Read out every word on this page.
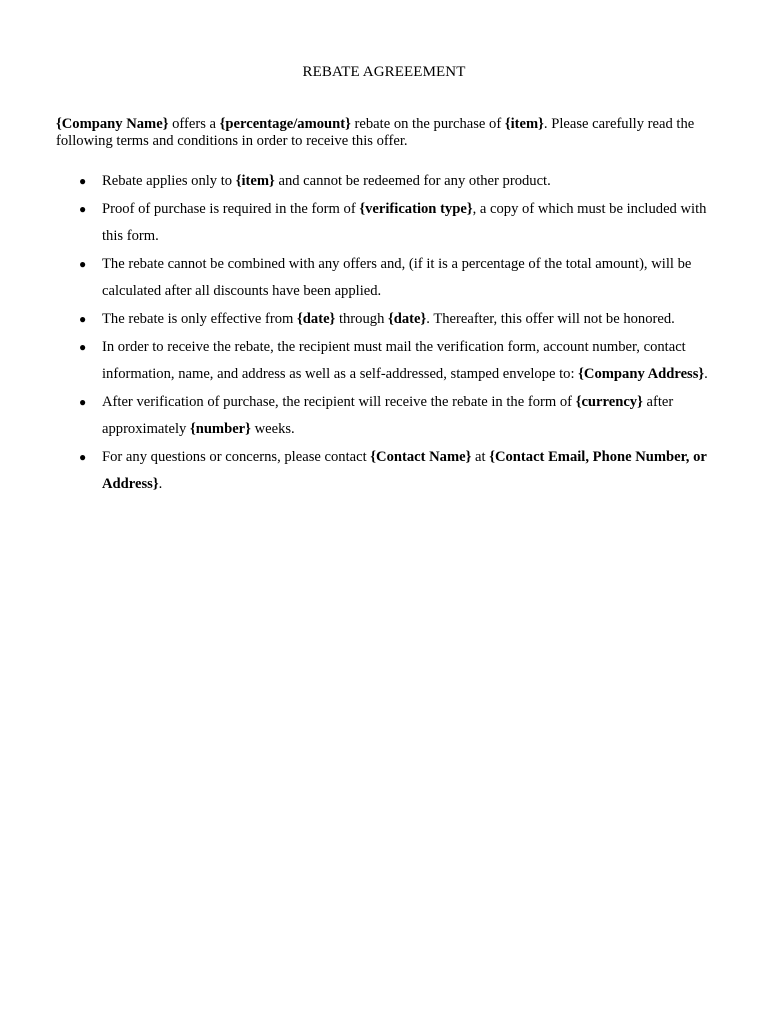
REBATE AGREEEMENT

{Company Name} offers a {percentage/amount} rebate on the purchase of {item}. Please carefully read the following terms and conditions in order to receive this offer.

● Rebate applies only to {item} and cannot be redeemed for any other product.
● Proof of purchase is required in the form of {verification type}, a copy of which must be included with this form.
● The rebate cannot be combined with any offers and, (if it is a percentage of the total amount), will be calculated after all discounts have been applied.
● The rebate is only effective from {date} through {date}. Thereafter, this offer will not be honored.
● In order to receive the rebate, the recipient must mail the verification form, account number, contact information, name, and address as well as a self-addressed, stamped envelope to: {Company Address}.
● After verification of purchase, the recipient will receive the rebate in the form of {currency} after approximately {number} weeks.
● For any questions or concerns, please contact {Contact Name} at {Contact Email, Phone Number, or Address}.
